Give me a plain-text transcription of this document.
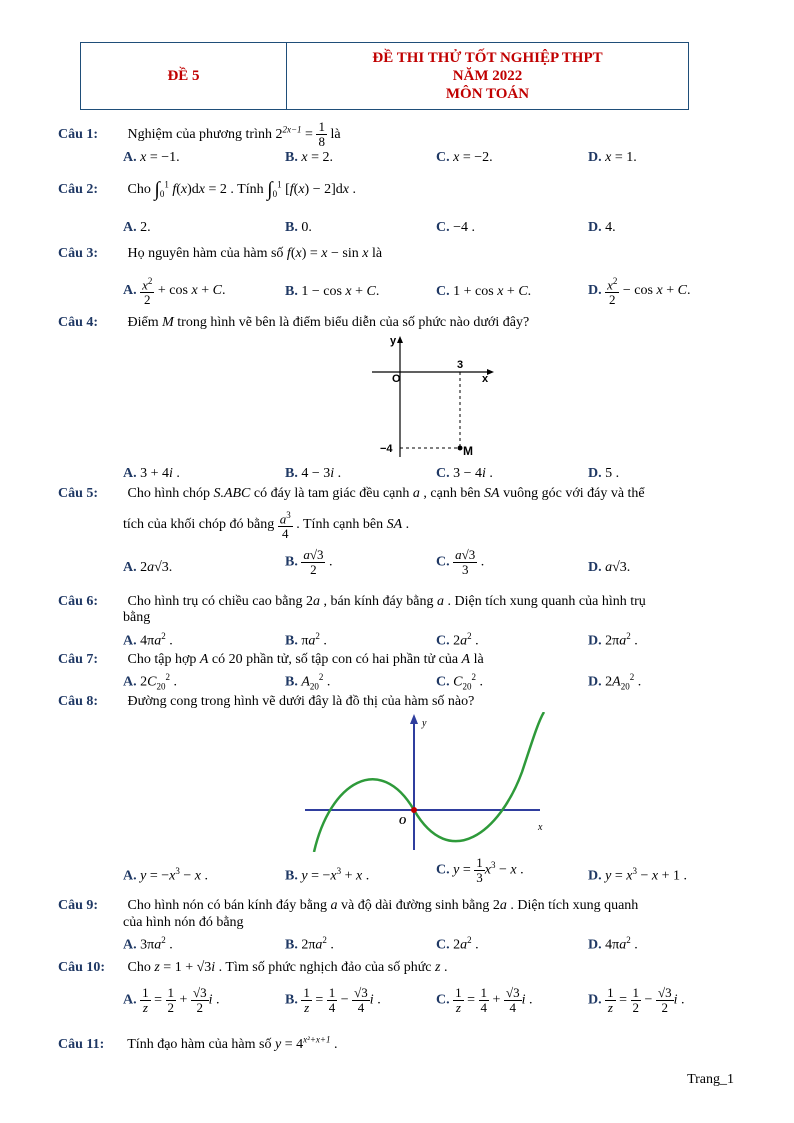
ĐỀ 5
ĐỀ THI THỬ TỐT NGHIỆP THPT
NĂM 2022
MÔN TOÁN
Câu 1: Nghiệm của phương trình $2^{2x-1} = \frac{1}{8}$ là
A. x = −1.	B. x = 2.	C. x = −2.	D. x = 1.
Câu 2: Cho $\int_0^1$ f(x)dx = 2 . Tính $\int_0^1$ [f(x) − 2]dx .
A. 2.	B. 0.	C. −4 .	D. 4.
Câu 3: Họ nguyên hàm của hàm số f(x) = x − sin x là
A. $\frac{x^2}{2} + \cos x + C$.	B. 1 − cos x + C.	C. 1 + cos x + C.	D. $\frac{x^2}{2} - \cos x + C$.
Câu 4: Điểm M trong hình vẽ bên là điểm biểu diễn của số phức nào dưới đây?
y
x
O
3
−4	M
A. 3 + 4i .	B. 4 − 3i .	C. 3 − 4i .	D. 5 .
Câu 5: Cho hình chóp S.ABC có đáy là tam giác đều cạnh a , cạnh bên SA vuông góc với đáy và thể
tích của khối chóp đó bằng $\frac{a^3}{4}$ . Tính cạnh bên SA .
A. 2a√3.	B. $\frac{a√3}{2}$ .	C. $\frac{a√3}{3}$ .	D. a√3.
Câu 6: Cho hình trụ có chiều cao bằng 2a , bán kính đáy bằng a . Diện tích xung quanh của hình trụ
bằng
A. $4\pi a^2$ .	B. $\pi a^2$ .	C. $2a^2$ .	D. $2\pi a^2$ .
Câu 7: Cho tập hợp A có 20 phần tử, số tập con có hai phần tử của A là
A. $2C_{20}^2$ .	B. $A_{20}^2$ .	C. $C_{20}^2$ .	D. $2A_{20}^2$ .
Câu 8: Đường cong trong hình vẽ dưới đây là đồ thị của hàm số nào?
y
x
O
A. $y = -x^3 - x$ .	B. $y = -x^3 + x$ .	C. $y = \frac{1}{3} x^3 - x$ .	D. $y = x^3 - x + 1$ .
Câu 9: Cho hình nón có bán kính đáy bằng a và độ dài đường sinh bằng 2a . Diện tích xung quanh
của hình nón đó bằng
A. $3\pi a^2$ .	B. $2\pi a^2$ .	C. $2a^2$ .	D. $4\pi a^2$ .
Câu 10: Cho z = 1 + √3i . Tìm số phức nghịch đảo của số phức z .
A. $\frac{1}{z} = \frac{1}{2} + \frac{√3}{2}$ i .	B. $\frac{1}{z} = \frac{1}{4} - \frac{√3}{4}$ i .	C. $\frac{1}{z} = \frac{1}{4} + \frac{√3}{4}$ i .	D. $\frac{1}{z} = \frac{1}{2} - \frac{√3}{2}$ i .
Câu 11: Tính đạo hàm của hàm số $y = 4^{x^2+x+1}$ .
Trang_1
